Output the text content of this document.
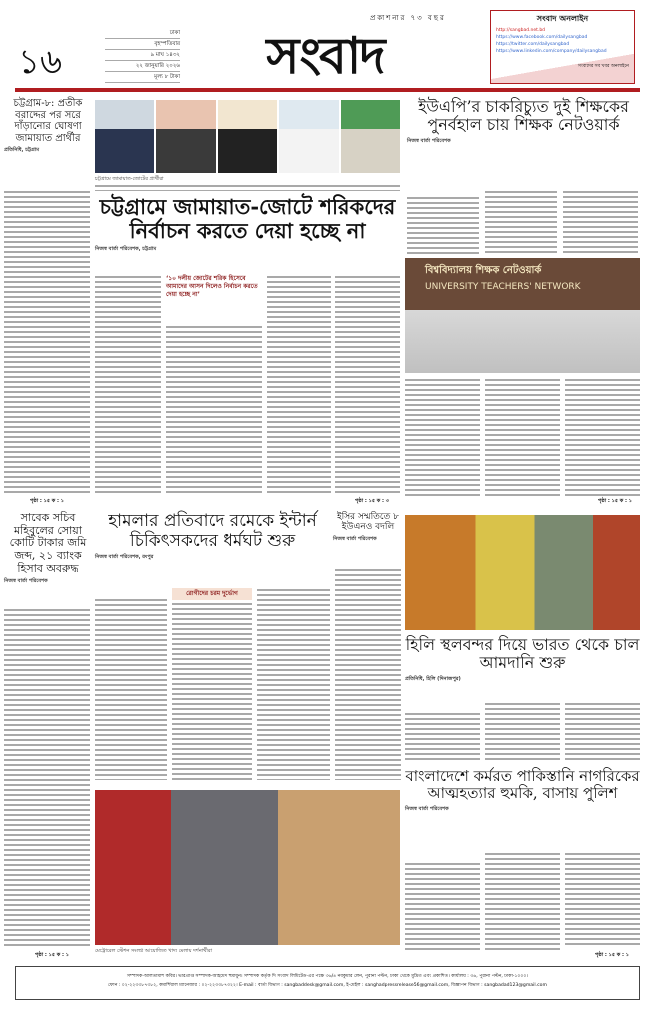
১৬
ঢাকা
বৃহস্পতিবার
৯ মাঘ ১৪৩২
২২ জানুয়ারি ২০২৬
মূল্য ৮ টাকা
প্রকাশনার ৭৩ বছর
সংবাদ
সংবাদ অনলাইন
http://sangbad.net.bd
https://www.facebook.com/dailysangbad
https://twitter.com/dailysangbad
https://www.linkedin.com/company/dailysangbad
সংবাদের সব খবর অনলাইনে
চট্টগ্রাম-৮: প্রতীক বরাদ্দের পর সরে দাঁড়ানোর ঘোষণা জামায়াত প্রার্থীর
প্রতিনিধি, চট্টগ্রাম
পৃষ্ঠা : ১৫ ক : ১
চট্টগ্রামে জামায়াত-জোটের প্রার্থীরা
চট্টগ্রামে জামায়াত-জোটে শরিকদের নির্বাচন করতে দেয়া হচ্ছে না
নিজস্ব বার্তা পরিবেশক, চট্টগ্রাম
‘১০ দলীয় জোটের শরিক হিসেবে আমাদের আসন দিলেও নির্বাচন করতে দেয়া হচ্ছে না’
পৃষ্ঠা : ১৫ ক : ৩
ইউএপি’র চাকরিচ্যুত দুই শিক্ষকের পুনর্বহাল চায় শিক্ষক নেটওয়ার্ক
নিজস্ব বার্তা পরিবেশক
বিশ্ববিদ্যালয় শিক্ষক নেটওয়ার্ক
UNIVERSITY TEACHERS' NETWORK
পৃষ্ঠা : ১৫ ক : ১
সাবেক সচিব মহিবুলের সোয়া কোটি টাকার জমি জব্দ, ২১ ব্যাংক হিসাব অবরুদ্ধ
নিজস্ব বার্তা পরিবেশক
পৃষ্ঠা : ১৫ ক : ১
হামলার প্রতিবাদে রমেকে ইন্টার্ন চিকিৎসকদের ধর্মঘট শুরু
নিজস্ব বার্তা পরিবেশক, রংপুর
রোগীদের চরম দুর্ভোগ
ইসির সম্মতিতে ৮ ইউএনও বদলি
নিজস্ব বার্তা পরিবেশক
হিলি স্থলবন্দর দিয়ে ভারত থেকে চাল আমদানি শুরু
প্রতিনিধি, হিলি (দিনাজপুর)
মেট্রোরেল স্টেশন সংলগ্ন আয়োজিত খাদ্য মেলায় দর্শনার্থীরা
বাংলাদেশে কর্মরত পাকিস্তানি নাগরিকের আত্মহত্যার হুমকি, বাসায় পুলিশ
নিজস্ব বার্তা পরিবেশক
পৃষ্ঠা : ১৫ ক : ১
সম্পাদক-আলতামাশ কবির। ভারপ্রাপ্ত সম্পাদক-আহমেদ হুমায়ুন। সম্পাদক কর্তৃক দি সংবাদ লিমিটেড-এর পক্ষে ৩৬/৪ নবকুমার লেন, পুরানা পল্টন, ঢাকা থেকে মুদ্রিত এবং প্রকাশিত। কার্যালয় : ৩৬, পুরানা পল্টন, ঢাকা-১০০০।
ফোন : ০২-২২৩৩৮৭৩৮২, কমার্শিয়াল ম্যানেজার : ০২-২২৩৩৮৭৩২২। E-mail : বার্তা বিভাগ : sangbaddesk@gmail.com, ই-মেইল : sanghadpressrelease56@gmail.com, বিজ্ঞাপন বিভাগ : sangbadad123@gmail.com
